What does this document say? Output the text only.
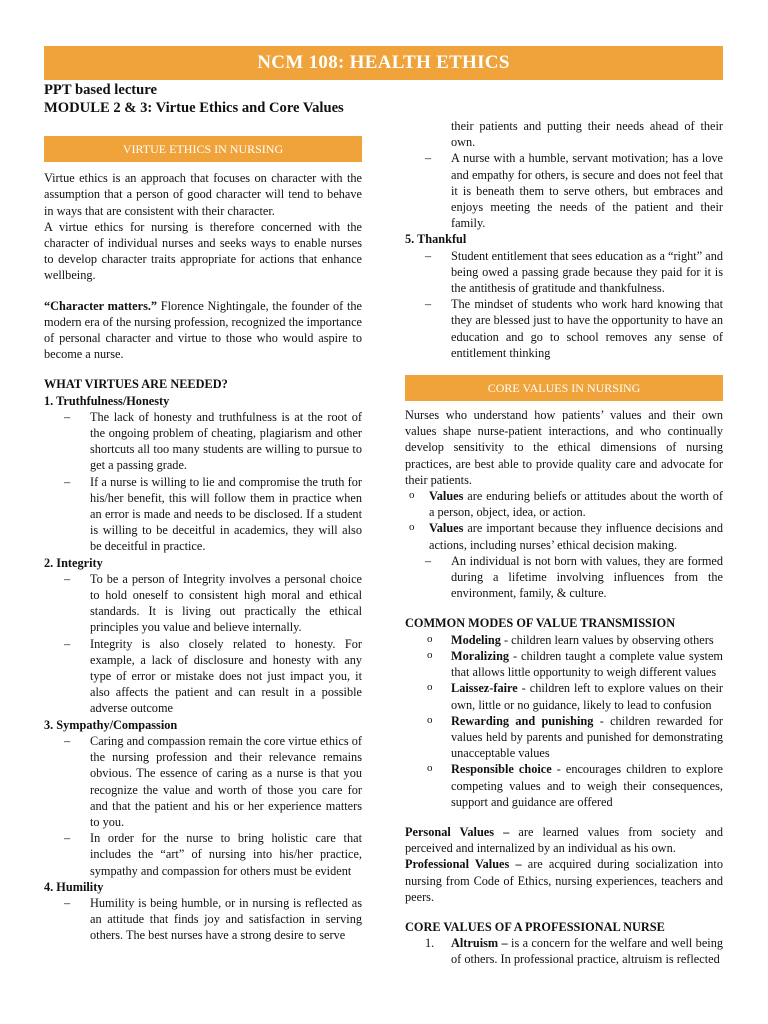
NCM 108: HEALTH ETHICS
PPT based lecture
MODULE 2 & 3: Virtue Ethics and Core Values
VIRTUE ETHICS IN NURSING

Virtue ethics is an approach that focuses on character with the assumption that a person of good character will tend to behave in ways that are consistent with their character.

A virtue ethics for nursing is therefore concerned with the character of individual nurses and seeks ways to enable nurses to develop character traits appropriate for actions that enhance wellbeing.

“Character matters.” Florence Nightingale, the founder of the modern era of the nursing profession, recognized the importance of personal character and virtue to those who would aspire to become a nurse.

WHAT VIRTUES ARE NEEDED?
1. Truthfulness/Honesty
– The lack of honesty and truthfulness is at the root of the ongoing problem of cheating, plagiarism and other shortcuts all too many students are willing to pursue to get a passing grade.
– If a nurse is willing to lie and compromise the truth for his/her benefit, this will follow them in practice when an error is made and needs to be disclosed. If a student is willing to be deceitful in academics, they will also be deceitful in practice.
2. Integrity
– To be a person of Integrity involves a personal choice to hold oneself to consistent high moral and ethical standards. It is living out practically the ethical principles you value and believe internally.
– Integrity is also closely related to honesty. For example, a lack of disclosure and honesty with any type of error or mistake does not just impact you, it also affects the patient and can result in a possible adverse outcome
3. Sympathy/Compassion
– Caring and compassion remain the core virtue ethics of the nursing profession and their relevance remains obvious. The essence of caring as a nurse is that you recognize the value and worth of those you care for and that the patient and his or her experience matters to you.
– In order for the nurse to bring holistic care that includes the “art” of nursing into his/her practice, sympathy and compassion for others must be evident
4. Humility
– Humility is being humble, or in nursing is reflected as an attitude that finds joy and satisfaction in serving others. The best nurses have a strong desire to serve
their patients and putting their needs ahead of their own.
– A nurse with a humble, servant motivation; has a love and empathy for others, is secure and does not feel that it is beneath them to serve others, but embraces and enjoys meeting the needs of the patient and their family.
5. Thankful
– Student entitlement that sees education as a “right” and being owed a passing grade because they paid for it is the antithesis of gratitude and thankfulness.
– The mindset of students who work hard knowing that they are blessed just to have the opportunity to have an education and go to school removes any sense of entitlement thinking
CORE VALUES IN NURSING

Nurses who understand how patients’ values and their own values shape nurse-patient interactions, and who continually develop sensitivity to the ethical dimensions of nursing practices, are best able to provide quality care and advocate for their patients.

o Values are enduring beliefs or attitudes about the worth of a person, object, idea, or action.
o Values are important because they influence decisions and actions, including nurses’ ethical decision making.
– An individual is not born with values, they are formed during a lifetime involving influences from the environment, family, & culture.
COMMON MODES OF VALUE TRANSMISSION
o Modeling - children learn values by observing others
o Moralizing - children taught a complete value system that allows little opportunity to weigh different values
o Laissez-faire - children left to explore values on their own, little or no guidance, likely to lead to confusion
o Rewarding and punishing - children rewarded for values held by parents and punished for demonstrating unacceptable values
o Responsible choice - encourages children to explore competing values and to weigh their consequences, support and guidance are offered

Personal Values – are learned values from society and perceived and internalized by an individual as his own.

Professional Values – are acquired during socialization into nursing from Code of Ethics, nursing experiences, teachers and peers.

CORE VALUES OF A PROFESSIONAL NURSE
1. Altruism – is a concern for the welfare and well being of others. In professional practice, altruism is reflected
